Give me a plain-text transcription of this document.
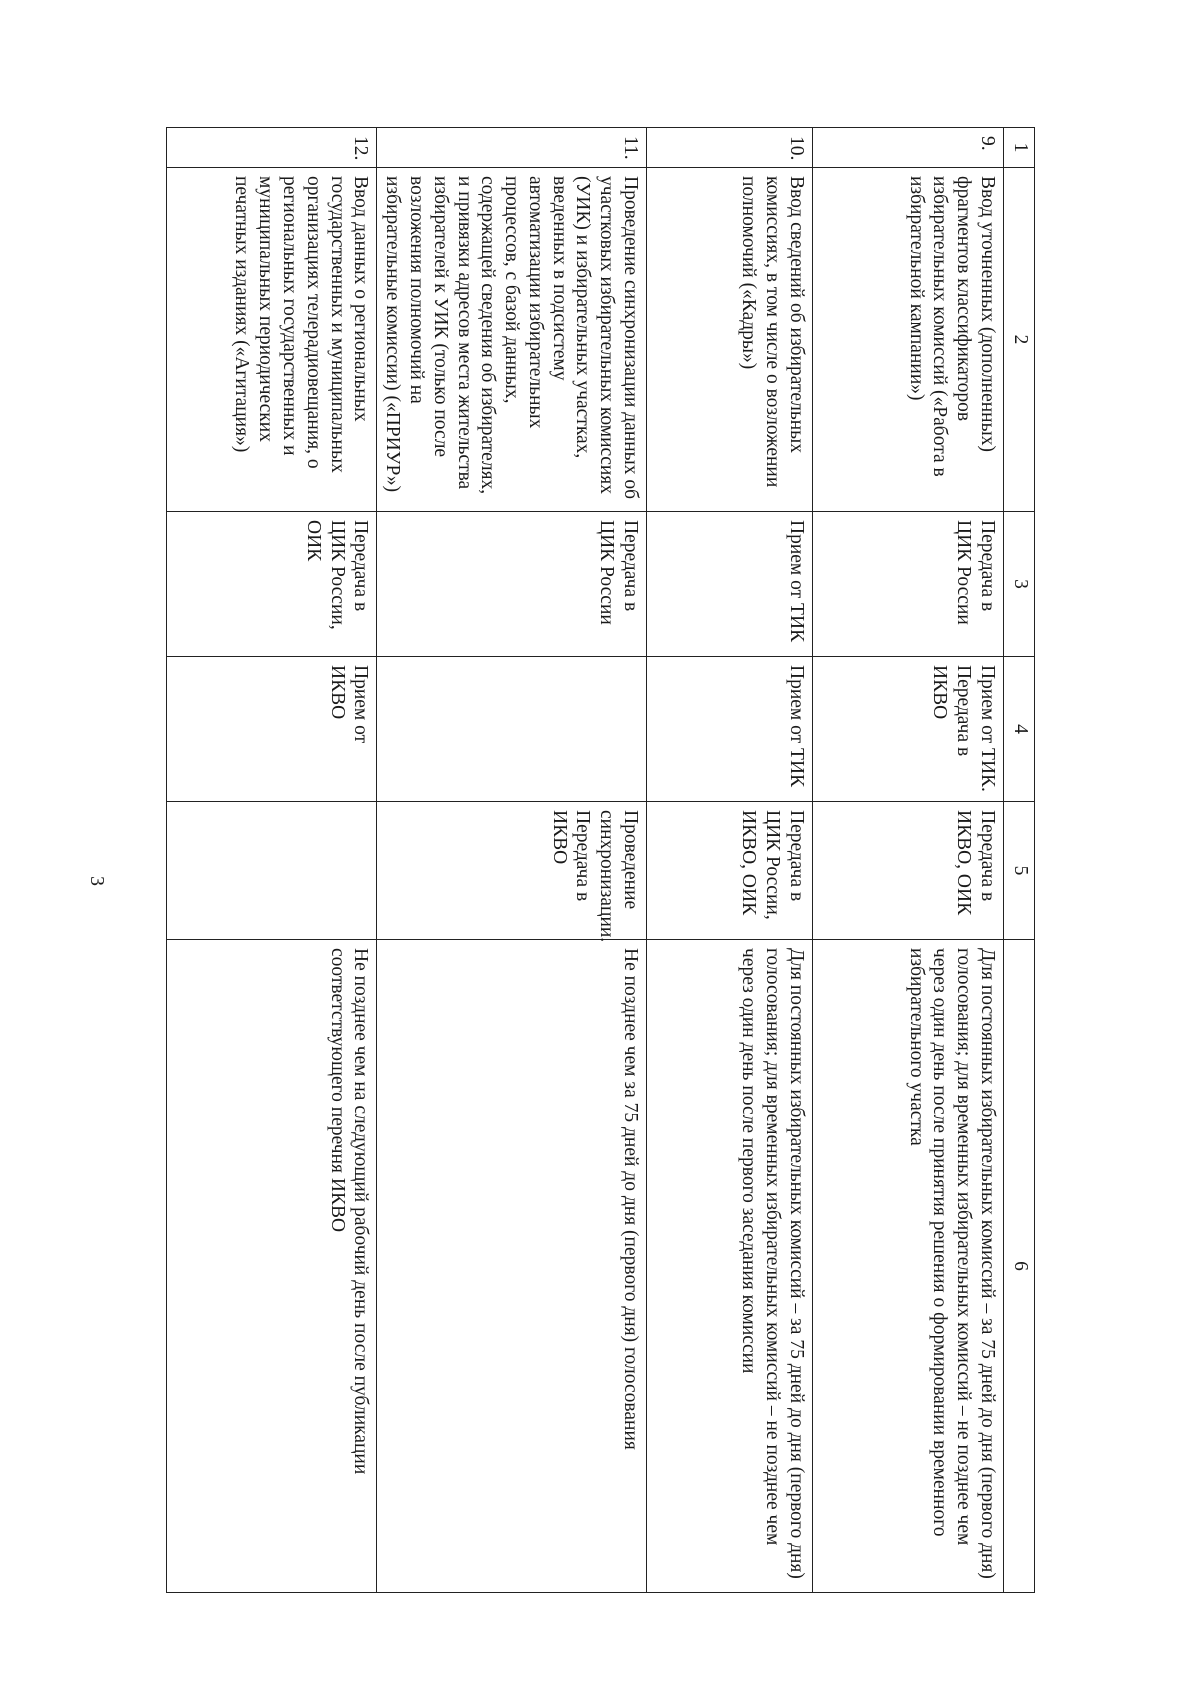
3
1	2	3	4	5	6
9.	Ввод уточненных (дополненных) фрагментов классификаторов избирательных комиссий («Работа в избирательной кампании»)	Передача в ЦИК России	Прием от ТИК. Передача в ИКВО	Передача в ИКВО, ОИК	Для постоянных избирательных комиссий – за 75 дней до дня (первого дня) голосования; для временных избирательных комиссий – не позднее чем через один день после принятия решения о формировании временного избирательного участка
10.	Ввод сведений об избирательных комиссиях, в том числе о возложении полномочий («Кадры»)	Прием от ТИК	Прием от ТИК	Передача в ЦИК России, ИКВО, ОИК	Для постоянных избирательных комиссий – за 75 дней до дня (первого дня) голосования; для временных избирательных комиссий – не позднее чем через один день после первого заседания комиссии
11.	Проведение синхронизации данных об участковых избирательных комиссиях (УИК) и избирательных участках, введенных в подсистему автоматизации избирательных процессов, с базой данных, содержащей сведения об избирателях, и привязки адресов места жительства избирателей к УИК (только после возложения полномочий на избирательные комиссии) («ПРИУР»)	Передача в ЦИК России		Проведение синхронизации. Передача в ИКВО	Не позднее чем за 75 дней до дня (первого дня) голосования
12.	Ввод данных о региональных государственных и муниципальных организациях телерадиовещания, о региональных государственных и муниципальных периодических печатных изданиях («Агитация»)	Передача в ЦИК России, ОИК	Прием от ИКВО		Не позднее чем на следующий рабочий день после публикации соответствующего перечня ИКВО
